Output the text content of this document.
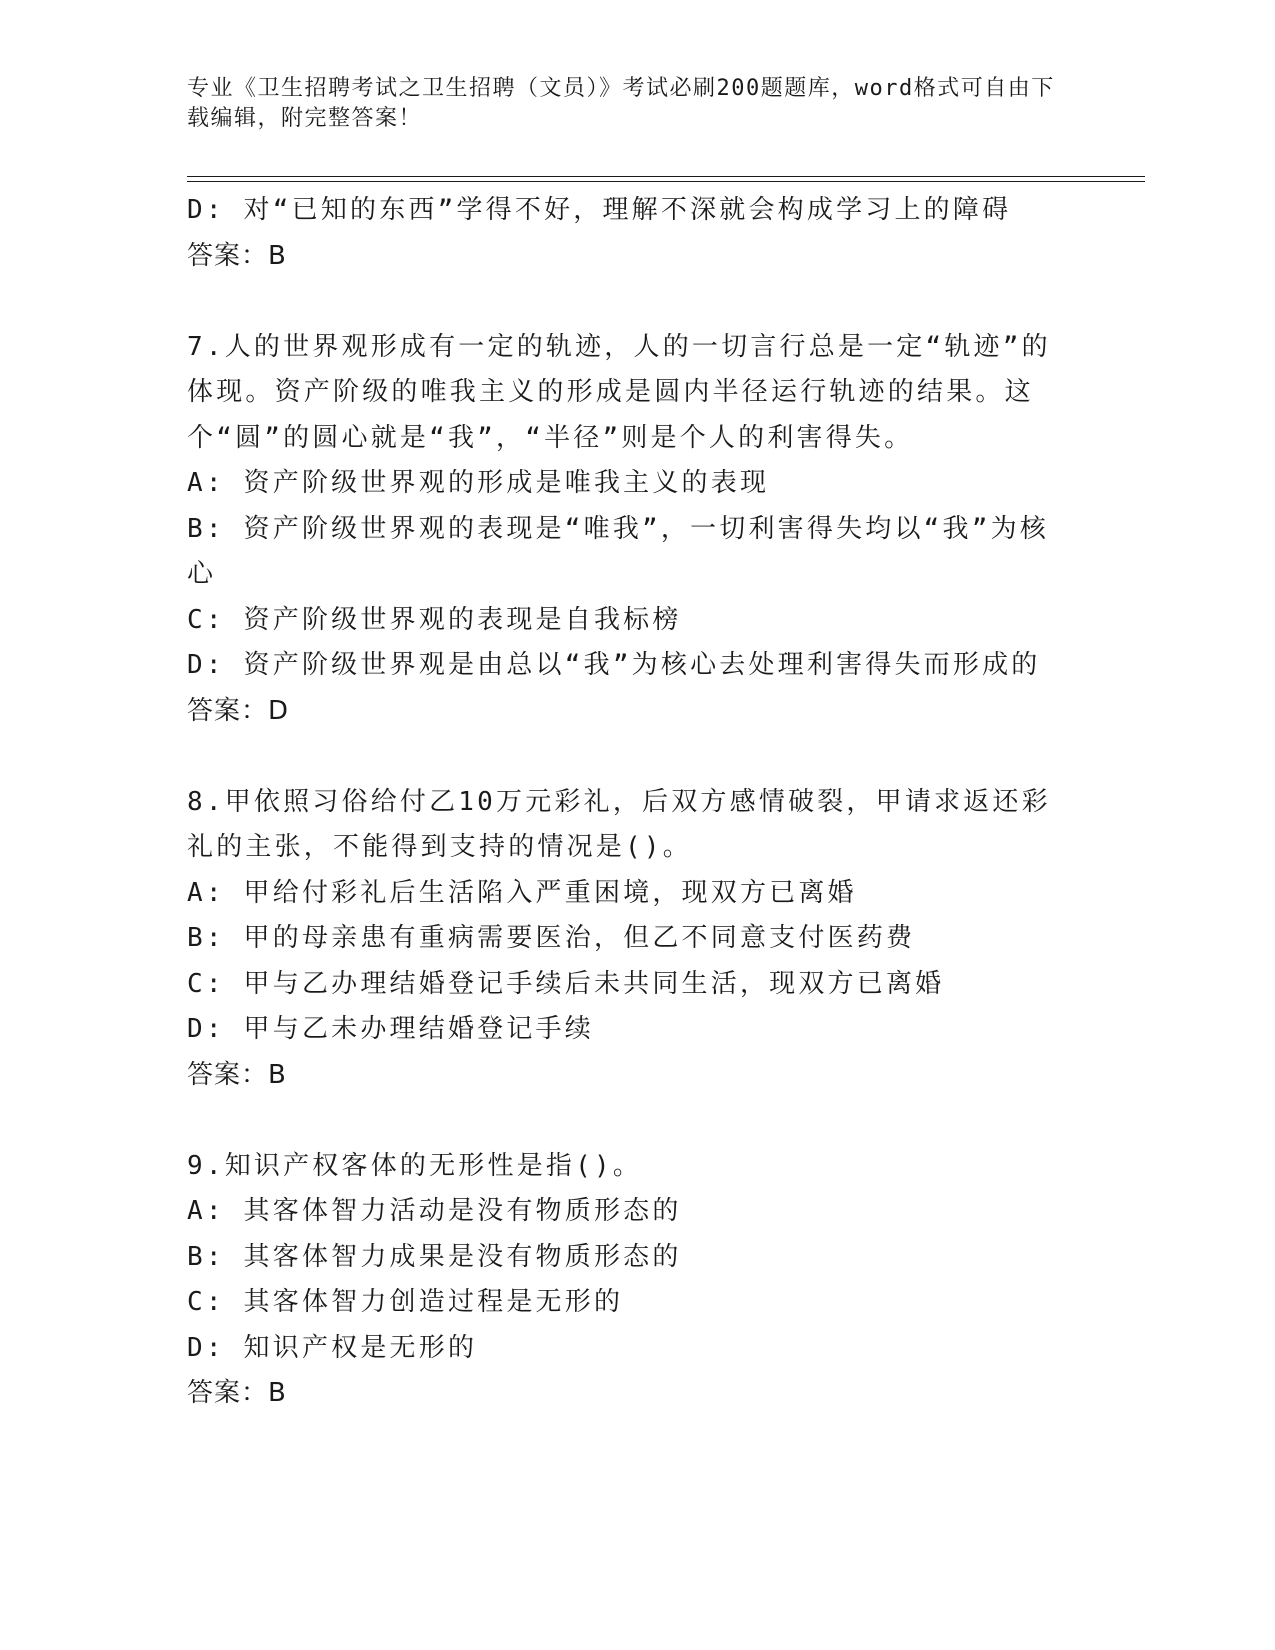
专业《卫生招聘考试之卫生招聘（文员）》考试必刷200题题库，word格式可自由下载编辑，附完整答案！
D: 对“已知的东西”学得不好，理解不深就会构成学习上的障碍
答案：B
7.人的世界观形成有一定的轨迹，人的一切言行总是一定“轨迹”的体现。资产阶级的唯我主义的形成是圆内半径运行轨迹的结果。这个“圆”的圆心就是“我”，“半径”则是个人的利害得失。
A: 资产阶级世界观的形成是唯我主义的表现
B: 资产阶级世界观的表现是“唯我”，一切利害得失均以“我”为核心
C: 资产阶级世界观的表现是自我标榜
D: 资产阶级世界观是由总以“我”为核心去处理利害得失而形成的
答案：D
8.甲依照习俗给付乙10万元彩礼，后双方感情破裂，甲请求返还彩礼的主张，不能得到支持的情况是()。
A: 甲给付彩礼后生活陷入严重困境，现双方已离婚
B: 甲的母亲患有重病需要医治，但乙不同意支付医药费
C: 甲与乙办理结婚登记手续后未共同生活，现双方已离婚
D: 甲与乙未办理结婚登记手续
答案：B
9.知识产权客体的无形性是指()。
A: 其客体智力活动是没有物质形态的
B: 其客体智力成果是没有物质形态的
C: 其客体智力创造过程是无形的
D: 知识产权是无形的
答案：B
